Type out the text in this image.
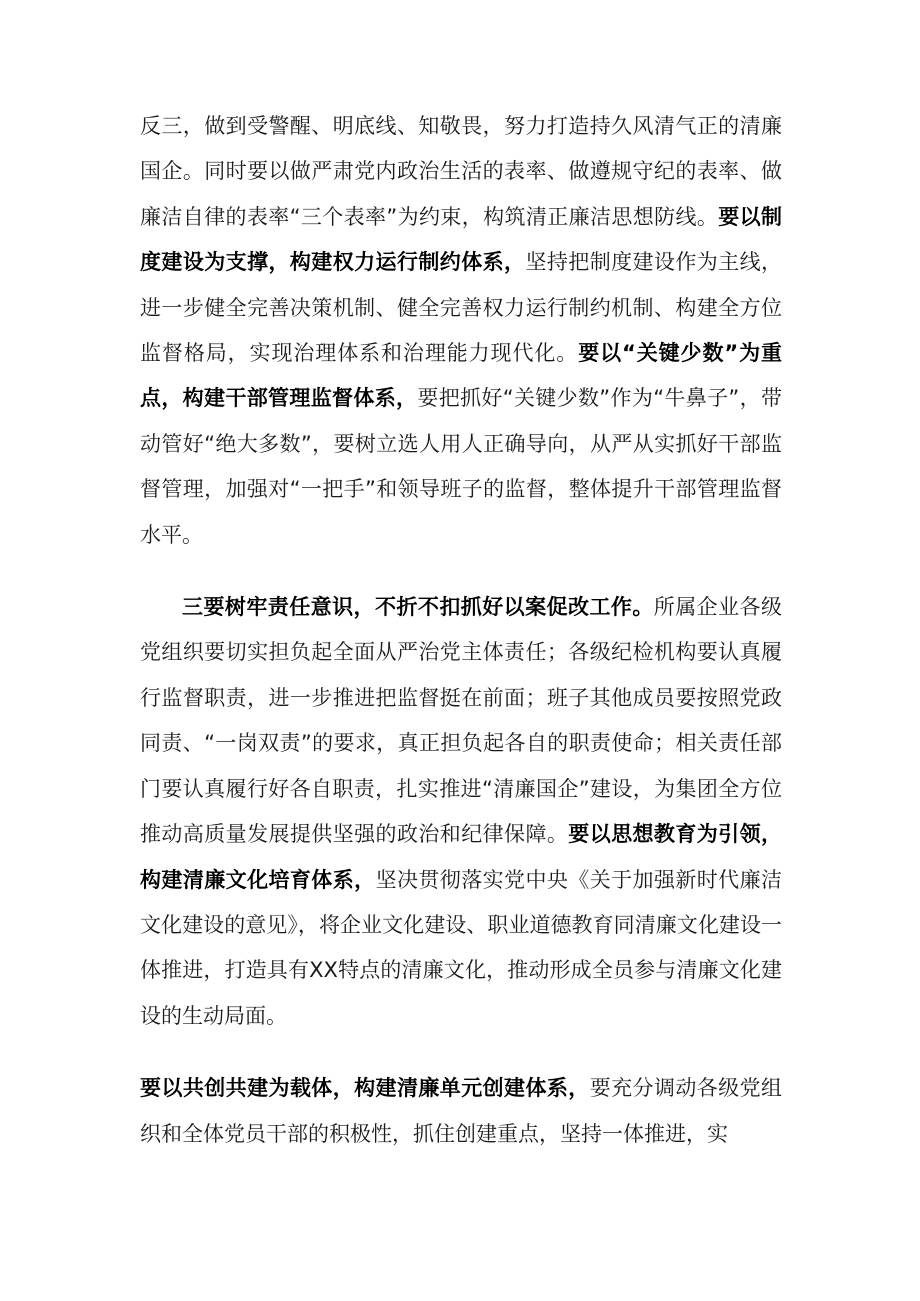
反三，做到受警醒、明底线、知敬畏，努力打造持久风清气正的清廉国企。同时要以做严肃党内政治生活的表率、做遵规守纪的表率、做廉洁自律的表率“三个表率”为约束，构筑清正廉洁思想防线。要以制度建设为支撑，构建权力运行制约体系，坚持把制度建设作为主线，进一步健全完善决策机制、健全完善权力运行制约机制、构建全方位监督格局，实现治理体系和治理能力现代化。要以“关键少数”为重点，构建干部管理监督体系，要把抓好“关键少数”作为“牛鼻子”，带动管好“绝大多数”，要树立选人用人正确导向，从严从实抓好干部监督管理，加强对“一把手”和领导班子的监督，整体提升干部管理监督水平。

三要树牢责任意识，不折不扣抓好以案促改工作。所属企业各级党组织要切实担负起全面从严治党主体责任；各级纪检机构要认真履行监督职责，进一步推进把监督挺在前面；班子其他成员要按照党政同责、“一岗双责”的要求，真正担负起各自的职责使命；相关责任部门要认真履行好各自职责，扎实推进“清廉国企”建设，为集团全方位推动高质量发展提供坚强的政治和纪律保障。要以思想教育为引领，构建清廉文化培育体系，坚决贯彻落实党中央《关于加强新时代廉洁文化建设的意见》，将企业文化建设、职业道德教育同清廉文化建设一体推进，打造具有XX特点的清廉文化，推动形成全员参与清廉文化建设的生动局面。

要以共创共建为载体，构建清廉单元创建体系，要充分调动各级党组织和全体党员干部的积极性，抓住创建重点，坚持一体推进，实
